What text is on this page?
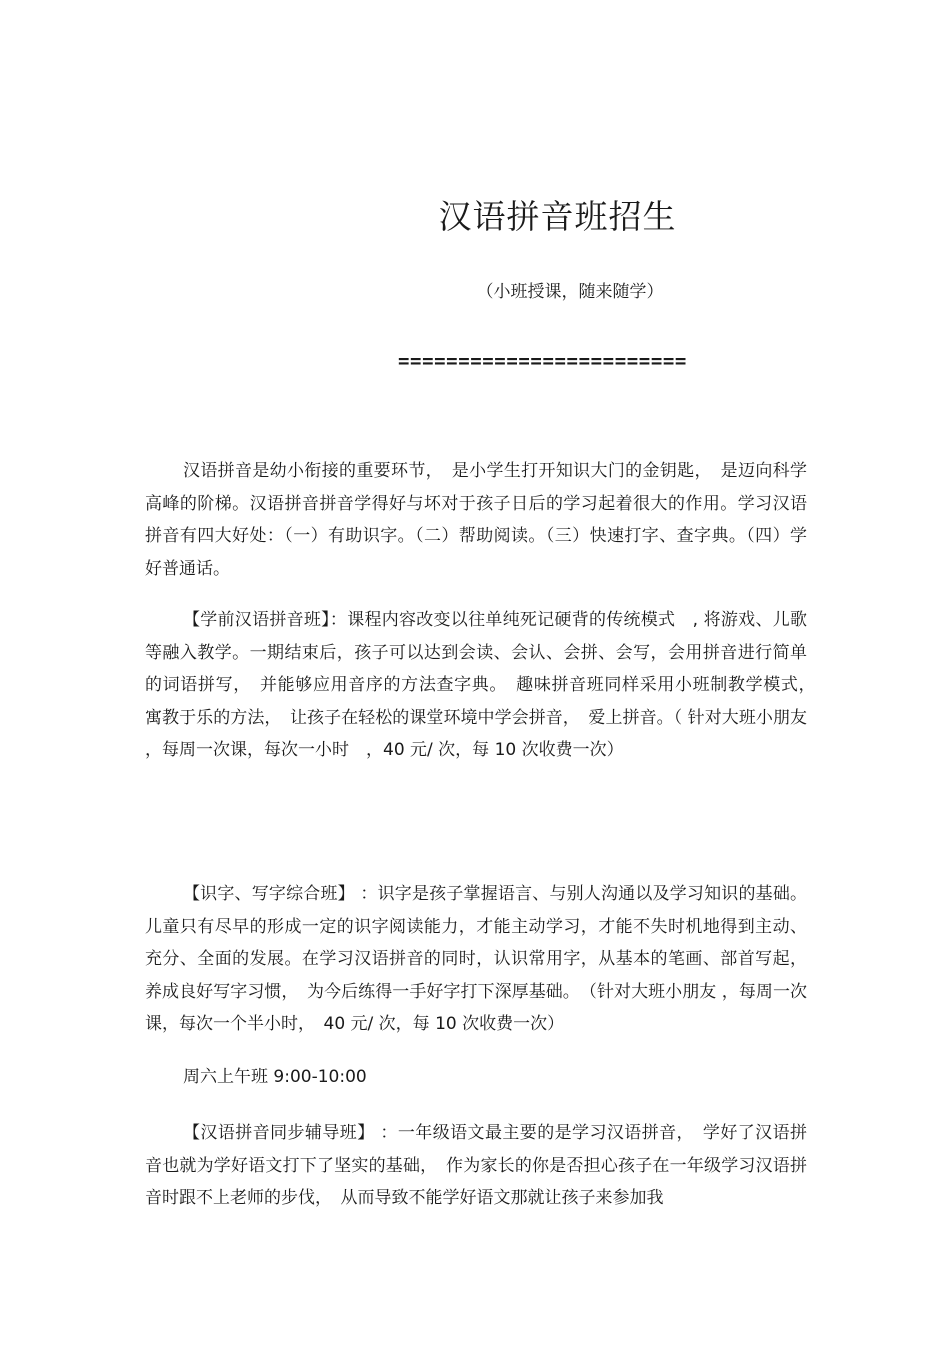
汉语拼音班招生
（小班授课，随来随学）
========================

汉语拼音是幼小衔接的重要环节，　是小学生打开知识大门的金钥匙，　是迈向科学高峰的阶梯。汉语拼音拼音学得好与坏对于孩子日后的学习起着很大的作用。学习汉语拼音有四大好处：（一）有助识字。（二）帮助阅读。（三）快速打字、查字典。（四）学好普通话。

【学前汉语拼音班】：课程内容改变以往单纯死记硬背的传统模式　, 将游戏、儿歌等融入教学。一期结束后，孩子可以达到会读、会认、会拼、会写，会用拼音进行简单的词语拼写，　并能够应用音序的方法查字典。　趣味拼音班同样采用小班制教学模式，　寓教于乐的方法，　让孩子在轻松的课堂环境中学会拼音，　爱上拼音。（ 针对大班小朋友 ，每周一次课，每次一小时　，40 元/ 次，每 10 次收费一次）

【识字、写字综合班】 ：识字是孩子掌握语言、与别人沟通以及学习知识的基础。儿童只有尽早的形成一定的识字阅读能力，才能主动学习，才能不失时机地得到主动、充分、全面的发展。在学习汉语拼音的同时，认识常用字，从基本的笔画、部首写起，养成良好写字习惯，　为今后练得一手好字打下深厚基础。　（针对大班小朋友 ，每周一次课，每次一个半小时，　40 元/ 次，每 10 次收费一次）

周六上午班 9:00-10:00

【汉语拼音同步辅导班】 ：一年级语文最主要的是学习汉语拼音，　学好了汉语拼音也就为学好语文打下了坚实的基础，　作为家长的你是否担心孩子在一年级学习汉语拼音时跟不上老师的步伐，　从而导致不能学好语文那就让孩子来参加我
